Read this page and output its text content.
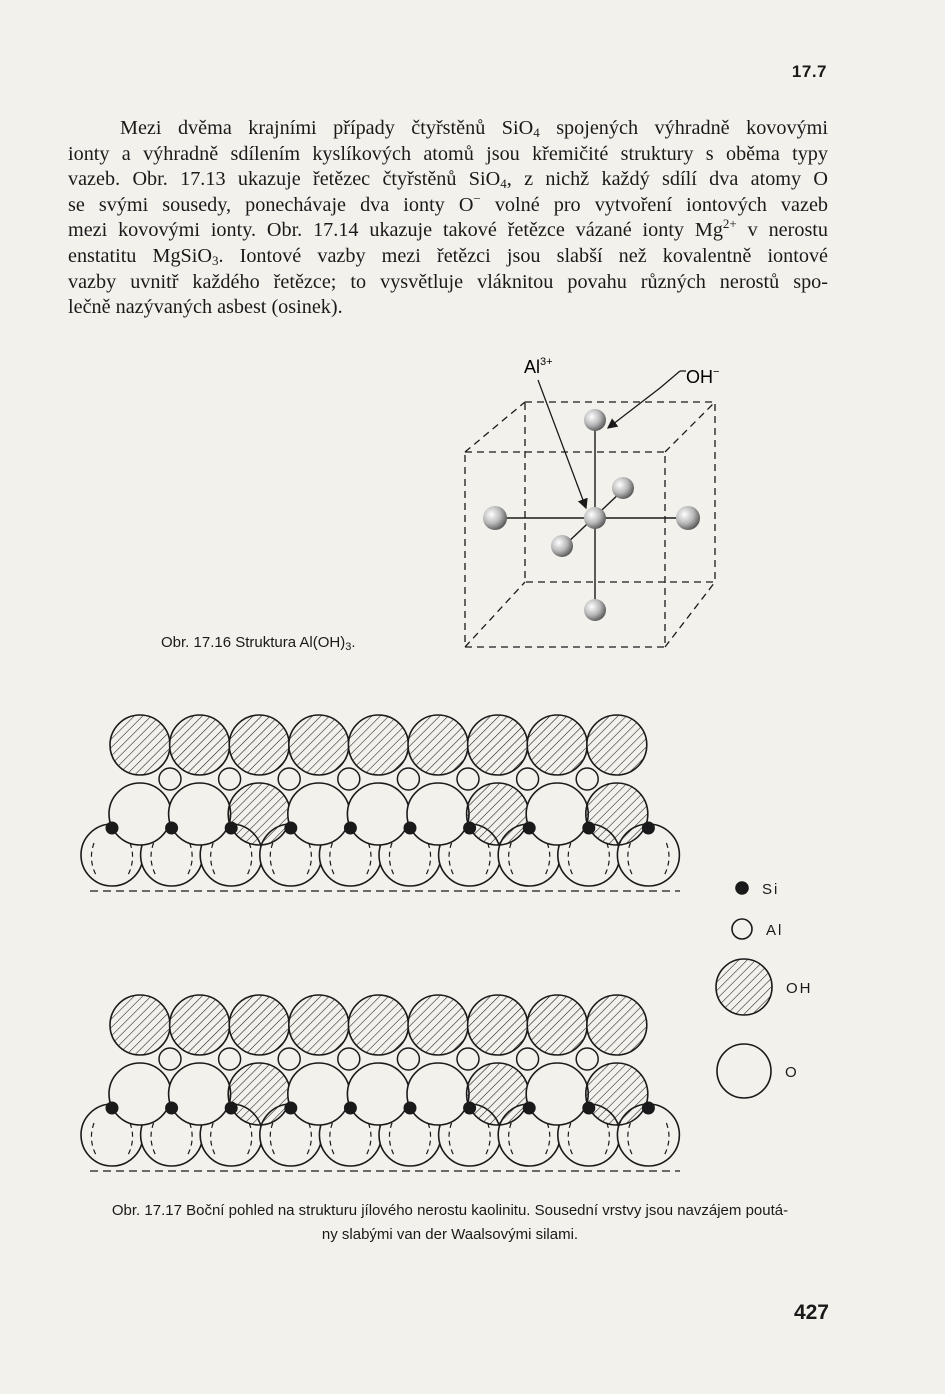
17.7
Mezi dvěma krajními případy čtyřstěnů SiO$_4$ spojených výhradně kovovými
ionty a výhradně sdílením kyslíkových atomů jsou křemičité struktury s oběma typy
vazeb. Obr. 17.13 ukazuje řetězec čtyřstěnů SiO$_4$, z nichž každý sdílí dva atomy O
se svými sousedy, ponechávaje dva ionty O− volné pro vytvoření iontových vazeb
mezi kovovými ionty. Obr. 17.14 ukazuje takové řetězce vázané ionty $Mg^{2+}$ v nerostu
enstatitu MgSiO$_3$. Iontové vazby mezi řetězci jsou slabší než kovalentně iontové
vazby uvnitř každého řetězce; to vysvětluje vláknitou povahu různých nerostů spo-
lečně nazývaných asbest (osinek).
$Al^{3+}$
OH−
Obr. 17.16 Struktura $Al(OH)_3$.
Si
Al
OH
O
Obr. 17.17 Boční pohled na strukturu jílového nerostu kaolinitu. Sousední vrstvy jsou navzájem poutá-
ny slabými van der Waalsovými silami.
427
